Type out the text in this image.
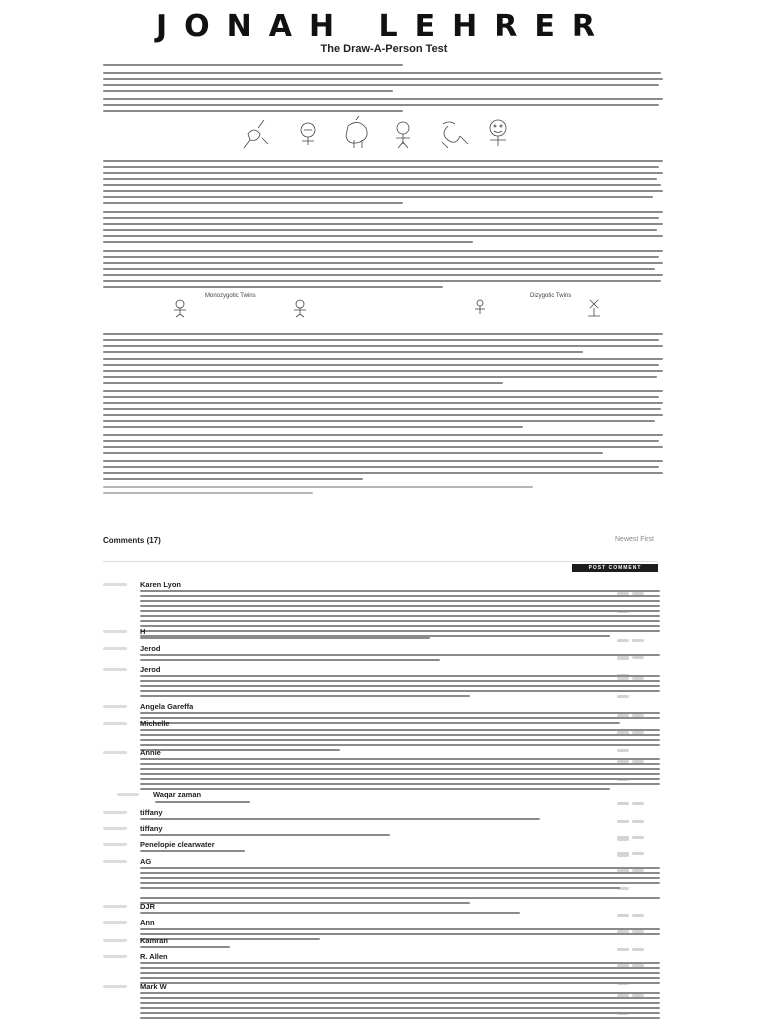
JONAH LEHRER
The Draw-A-Person Test
Monozygotic Twins	Dizygotic Twins
Comments (17)	Newest First
POST COMMENT
Karen Lyon
H
Jerod
Jerod
Angela Gareffa
Michelle
Annie
Waqar zaman
tiffany
tiffany
Penelopie clearwater
AG
DJR
Ann
Kamran
R. Allen
Mark W
